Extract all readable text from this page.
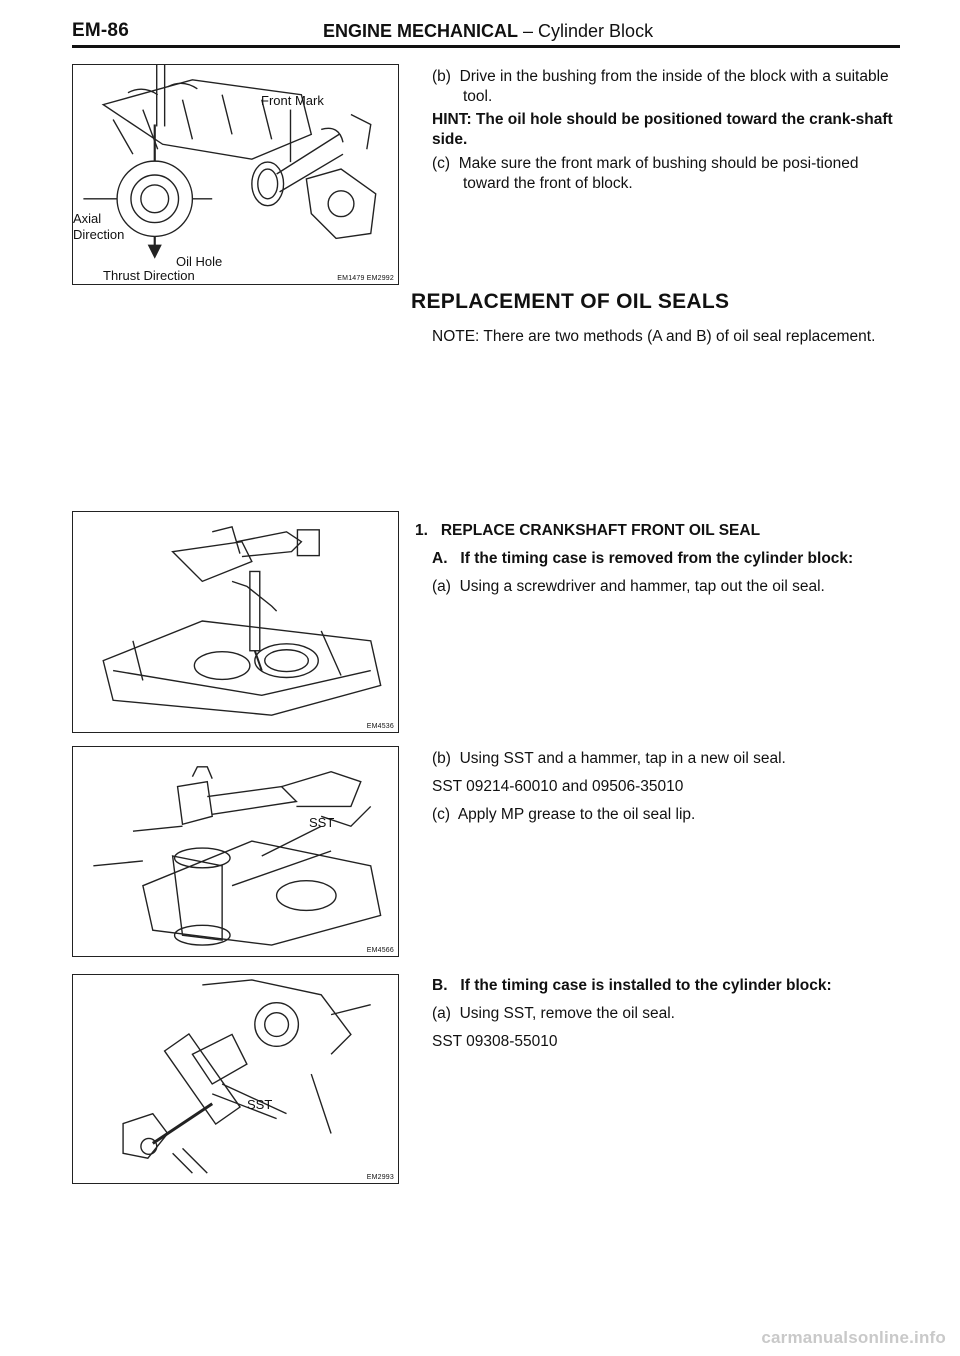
EM-86	ENGINE MECHANICAL – Cylinder Block
Front Mark
Axial
Direction
Oil Hole
Thrust Direction	EM1479 EM2992
EM4536
SST
EM4566
SST
EM2993
(b) Drive in the bushing from the inside of the block with a suitable tool.
HINT: The oil hole should be positioned toward the crank-shaft side.
(c) Make sure the front mark of bushing should be posi-tioned toward the front of block.
REPLACEMENT OF OIL SEALS
NOTE: There are two methods (A and B) of oil seal replacement.
1. REPLACE CRANKSHAFT FRONT OIL SEAL
A. If the timing case is removed from the cylinder block:
(a) Using a screwdriver and hammer, tap out the oil seal.
(b) Using SST and a hammer, tap in a new oil seal.
SST 09214-60010 and 09506-35010
(c) Apply MP grease to the oil seal lip.
B. If the timing case is installed to the cylinder block:
(a) Using SST, remove the oil seal.
SST 09308-55010
carmanualsonline.info
